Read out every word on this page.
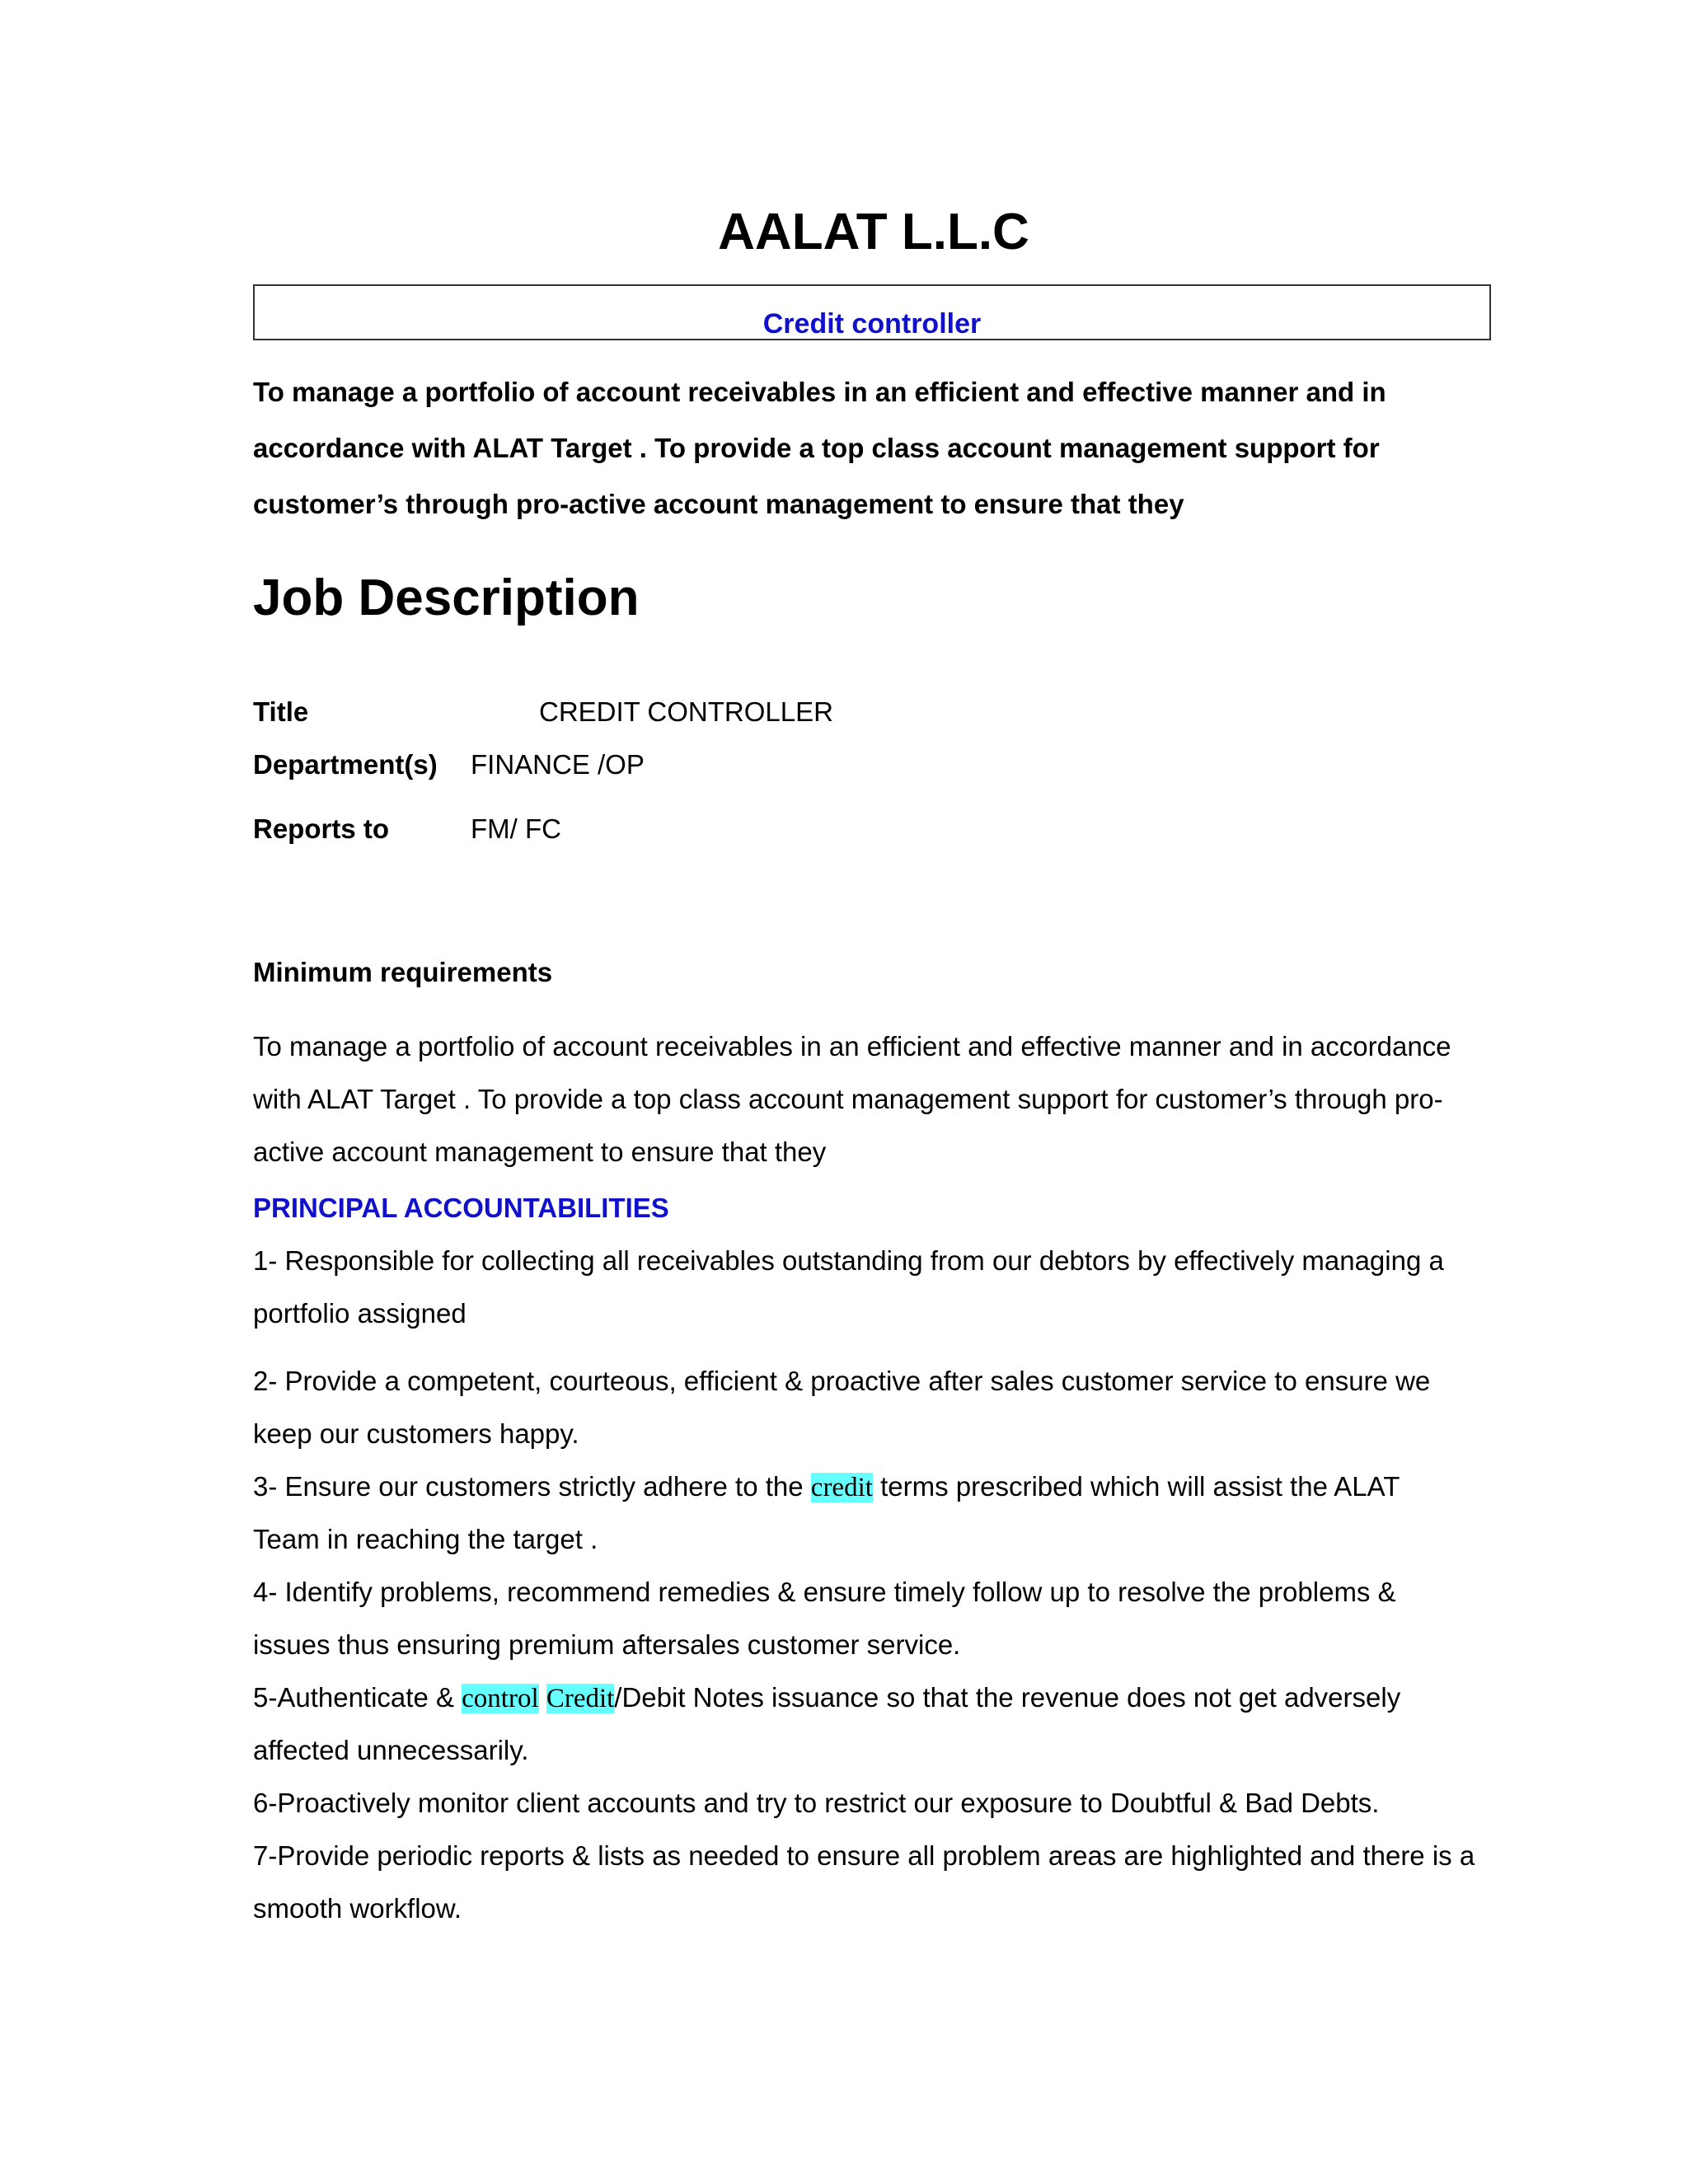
AALAT L.L.C
Credit controller
To manage a portfolio of account receivables in an efficient and effective manner and in
accordance with ALAT Target . To provide a top class account management support for
customer’s through pro-active account management to ensure that they
Job Description
Title	CREDIT CONTROLLER
Department(s) FINANCE /OP
Reports to	FM/ FC
Minimum requirements
To manage a portfolio of account receivables in an efficient and effective manner and in accordance
with ALAT Target . To provide a top class account management support for customer’s through pro-
active account management to ensure that they
PRINCIPAL ACCOUNTABILITIES
1- Responsible for collecting all receivables outstanding from our debtors by effectively managing a
portfolio assigned
2- Provide a competent, courteous, efficient & proactive after sales customer service to ensure we
keep our customers happy.
3- Ensure our customers strictly adhere to the credit terms prescribed which will assist the ALAT
Team in reaching the target .
4- Identify problems, recommend remedies & ensure timely follow up to resolve the problems &
issues thus ensuring premium aftersales customer service.
5-Authenticate & control Credit/Debit Notes issuance so that the revenue does not get adversely
affected unnecessarily.
6-Proactively monitor client accounts and try to restrict our exposure to Doubtful & Bad Debts.
7-Provide periodic reports & lists as needed to ensure all problem areas are highlighted and there is a
smooth workflow.
